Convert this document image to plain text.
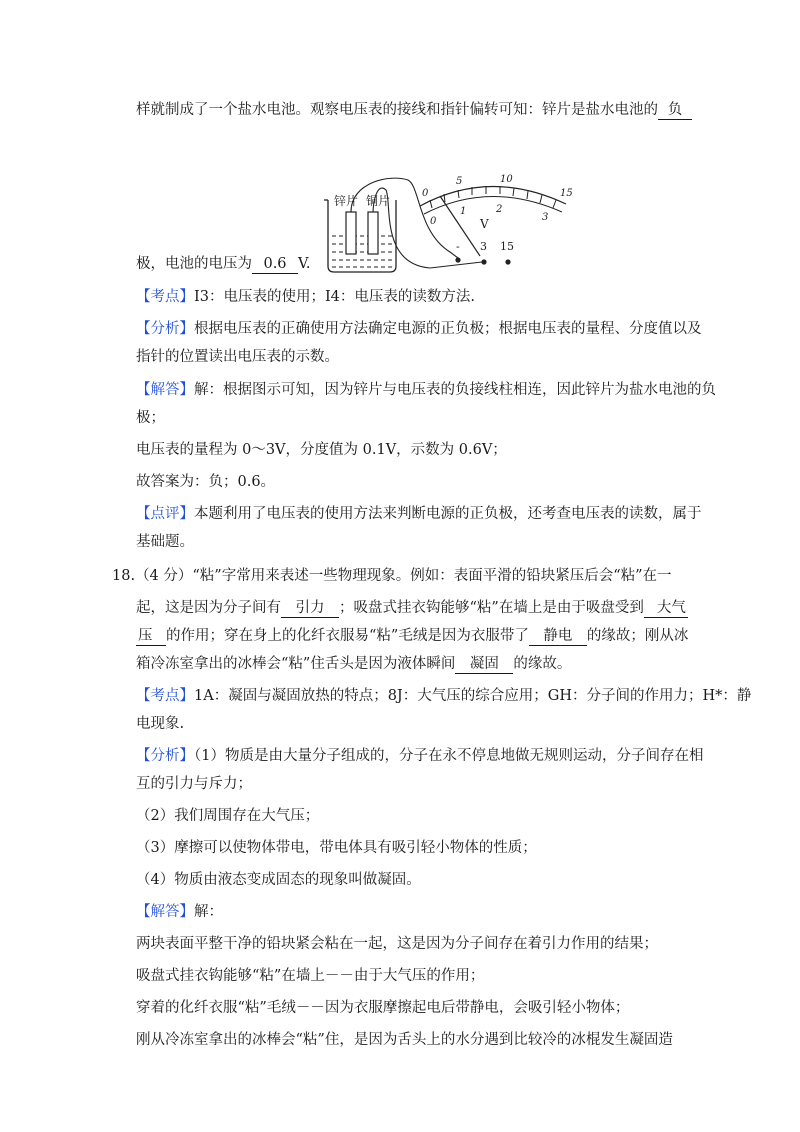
样就制成了一个盐水电池。观察电压表的接线和指针偏转可知：锌片是盐水电池的 负
锌片 铜片
0
5	10
15
0
1	2
3
V
- 3 15
极，电池的电压为 0.6 V.
【考点】I3：电压表的使用；I4：电压表的读数方法.
【分析】根据电压表的正确使用方法确定电源的正负极；根据电压表的量程、分度值以及
指针的位置读出电压表的示数。
【解答】解：根据图示可知，因为锌片与电压表的负接线柱相连，因此锌片为盐水电池的负
极；
电压表的量程为 0～3V，分度值为 0.1V，示数为 0.6V；
故答案为：负；0.6。
【点评】本题利用了电压表的使用方法来判断电源的正负极，还考查电压表的读数，属于
基础题。
18.（4 分）“粘”字常用来表述一些物理现象。例如：表面平滑的铅块紧压后会“粘”在一
起，这是因为分子间有 引力 ；吸盘式挂衣钩能够“粘”在墙上是由于吸盘受到 大气
压 的作用；穿在身上的化纤衣服易“粘”毛绒是因为衣服带了 静电 的缘故；刚从冰
箱冷冻室拿出的冰棒会“粘”住舌头是因为液体瞬间 凝固 的缘故。
【考点】1A：凝固与凝固放热的特点；8J：大气压的综合应用；GH：分子间的作用力；H*：静
电现象.
【分析】（1）物质是由大量分子组成的，分子在永不停息地做无规则运动，分子间存在相
互的引力与斥力；
（2）我们周围存在大气压；
（3）摩擦可以使物体带电，带电体具有吸引轻小物体的性质；
（4）物质由液态变成固态的现象叫做凝固。
【解答】解：
两块表面平整干净的铅块紧会粘在一起，这是因为分子间存在着引力作用的结果；
吸盘式挂衣钩能够“粘”在墙上－－由于大气压的作用；
穿着的化纤衣服“粘”毛绒－－因为衣服摩擦起电后带静电，会吸引轻小物体；
刚从冷冻室拿出的冰棒会“粘”住，是因为舌头上的水分遇到比较冷的冰棍发生凝固造
